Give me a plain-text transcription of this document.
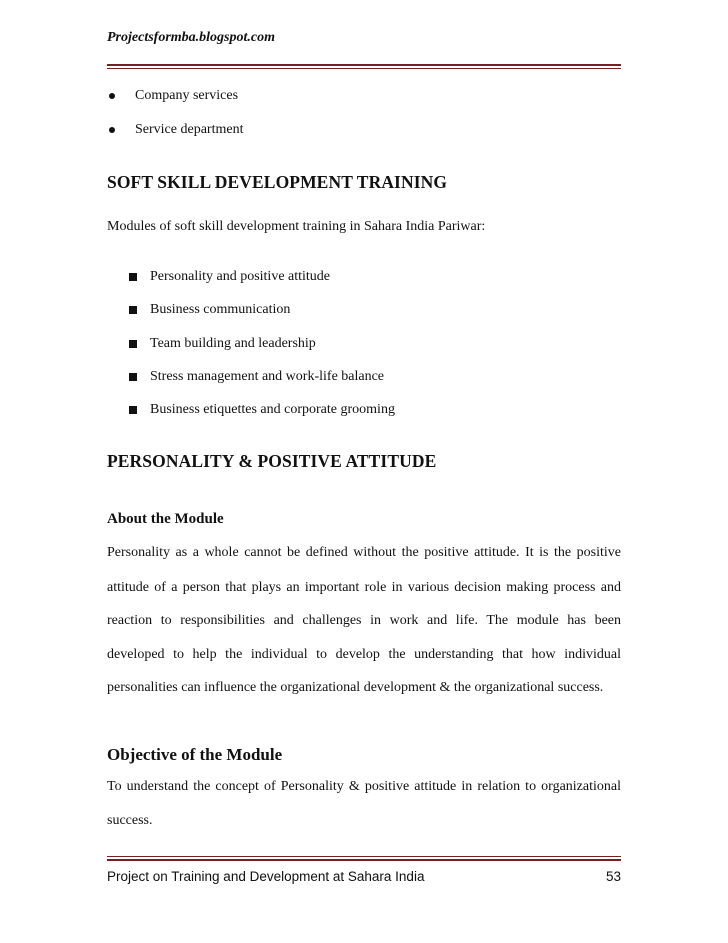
Projectsformba.blogspot.com
Company services
Service department
SOFT SKILL DEVELOPMENT TRAINING
Modules of soft skill development training in Sahara India Pariwar:
Personality and positive attitude
Business communication
Team building and leadership
Stress management and work-life balance
Business etiquettes and corporate grooming
PERSONALITY & POSITIVE ATTITUDE
About the Module
Personality as a whole cannot be defined without the positive attitude. It is the positive
attitude of a person that plays an important role in various decision making process and
reaction to responsibilities and challenges in work and life. The module has been
developed to help the individual to develop the understanding that how individual
personalities can influence the organizational development & the organizational success.
Objective of the Module
To understand the concept of Personality & positive attitude in relation to organizational
success.
Project on Training and Development at Sahara India	53
